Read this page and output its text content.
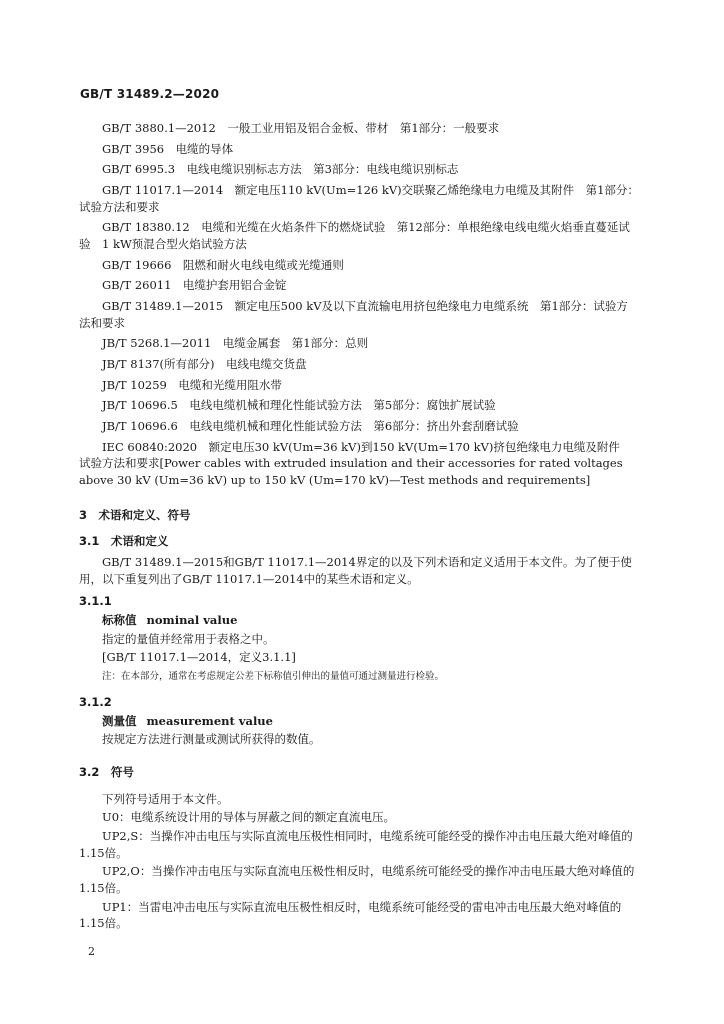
GB/T 31489.2—2020

GB/T 3880.1—2012　一般工业用铝及铝合金板、带材　第1部分：一般要求

GB/T 3956　电缆的导体

GB/T 6995.3　电线电缆识别标志方法　第3部分：电线电缆识别标志

GB/T 11017.1—2014　额定电压110 kV(Um=126 kV)交联聚乙烯绝缘电力电缆及其附件　第1部分：试验方法和要求

GB/T 18380.12　电缆和光缆在火焰条件下的燃烧试验　第12部分：单根绝缘电线电缆火焰垂直蔓延试验　1 kW预混合型火焰试验方法

GB/T 19666　阻燃和耐火电线电缆或光缆通则

GB/T 26011　电缆护套用铝合金锭

GB/T 31489.1—2015　额定电压500 kV及以下直流输电用挤包绝缘电力电缆系统　第1部分：试验方法和要求

JB/T 5268.1—2011　电缆金属套　第1部分：总则

JB/T 8137(所有部分)　电线电缆交货盘

JB/T 10259　电缆和光缆用阻水带

JB/T 10696.5　电线电缆机械和理化性能试验方法　第5部分：腐蚀扩展试验

JB/T 10696.6　电线电缆机械和理化性能试验方法　第6部分：挤出外套刮磨试验

IEC 60840:2020　额定电压30 kV(Um=36 kV)到150 kV(Um=170 kV)挤包绝缘电力电缆及附件　试验方法和要求[Power cables with extruded insulation and their accessories for rated voltages above 30 kV (Um=36 kV) up to 150 kV (Um=170 kV)—Test methods and requirements]

3　术语和定义、符号
3.1　术语和定义

GB/T 31489.1—2015和GB/T 11017.1—2014界定的以及下列术语和定义适用于本文件。为了便于使用，以下重复列出了GB/T 11017.1—2014中的某些术语和定义。

3.1.1
标称值 nominal value
指定的量值并经常用于表格之中。
[GB/T 11017.1—2014，定义3.1.1]
注：在本部分，通常在考虑规定公差下标称值引伸出的量值可通过测量进行检验。
3.1.2
测量值 measurement value
按规定方法进行测量或测试所获得的数值。
3.2　符号

下列符号适用于本文件。

U0：电缆系统设计用的导体与屏蔽之间的额定直流电压。

UP2,S：当操作冲击电压与实际直流电压极性相同时，电缆系统可能经受的操作冲击电压最大绝对峰值的1.15倍。

UP2,O：当操作冲击电压与实际直流电压极性相反时，电缆系统可能经受的操作冲击电压最大绝对峰值的1.15倍。

UP1：当雷电冲击电压与实际直流电压极性相反时，电缆系统可能经受的雷电冲击电压最大绝对峰值的1.15倍。

2
